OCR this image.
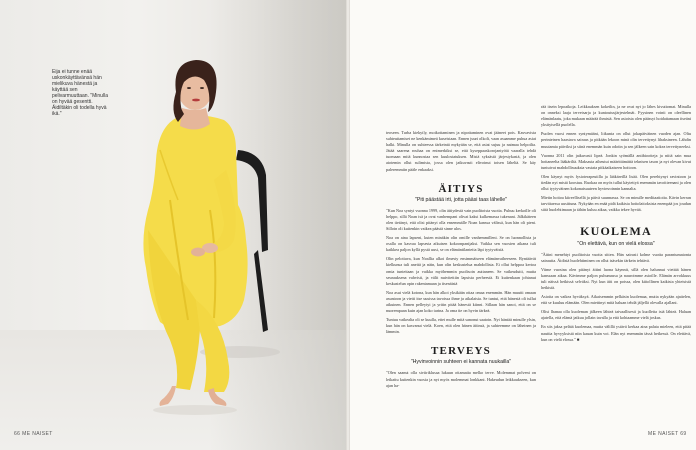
Eija ei tunne enää uskonkäyttävänsä hän mielikuva hänestä ja käyttää sen pelivarmuuttaan. "Minulla on hyvää gesentti. Äidiltäkin oli todella hyvä ikä."
66 ME NAISET

teoseen. Turha kiekyily, moikottaminen ja nipottaminen ovat jääneet pois. Kasvavista suhteuttamiset ne kenkämimeä kuseistaan. Ennen juuri olkolt, vaan asuamme puhua asiat halki. Minulla on suhteessa tärkeintä mykyään se, että asiat sujuu ja naimaa helpoilta. Jätää saarena rouhaa on enimerkiksi se, että kyseppaaskorojantyötä vaaralla tehdä tuomaan mitä kunnostaa sen kuulostatuksen. Mistä syksästä järjestykastä, ja olen aiotemin ollut sulimista, jossa olen jatkuvasti elivoinut toisen läheltä. Se käy paleremmiin pääle enkaaksi.

ÄITIYS
"Piti päästää irti, jotta pääsi taas lähelle"

"Kun Noa syntyi vuonna 1999, olin äitiydestä vain puolitoista vuotta. Puhuu kerkoille oli helppo, sillä Noan isä ja ovat vanhempani olivat kaksi kulkemassa tukenani. Jälkikäteen olen tietänyt, että olisi pitänyt olla ensemmälle Noan kanssa välissä, kun hän oli pieni. Silloin oli kuitenkin vaikea päästä sinne ulos.

Noa on aina lapseni, kuten minäkin olin omille vanhemmilleni. Se on luonnollista ja osalla on kasvaa lapsesta aikuisen kokoonpanijaksi. Vaikka sen vuosien aikana tuli kaikkea paljon kyllä pystä uusi, se on elämäntilanteita läpi tyytyväisiä.

Olin pelottava, kun Noallia alkoi ilmesty ensimmäiseen elämänvaiheeseen. Ryntäävät kielkunsa tuli aneitä ja näin, kun olin keskustelua mahdollista. Ei ollut helppoa kertoa omia tunteitaan ja vaikka myöhemmin puolisoin auttaneen. Se vaikeudutti, mutta seurauksena vahvisti, ja välit nuivitettiin lapsista perheestä. Ei kuitenkaan johtanut keskustelun opin rakentamaan ja itsenäistä

Noa asui vielä kotona, kun hän alkoi yksikään ottaa omaa enemmän. Hän muutti omaan asuntoon ja vietti itse uusissa tavoissa ihme ja aikalaisia. Se tuntui, että hänestä oli tullut aikuinen. Ennen pelleytyi ja yritin pitää hänestä kiinni. Sillaan hän sanoi, että on se nuorempaan kuin ajan koko tarina. Ja oma tie on hyvin tärkeä.

Tuntuu vaikealta oli se kuulla, ettei mulle mitä sanonut saatoin. Nyt häntää minulle ylsin, kun hän on kasvanut vielä. Koen, että olen hänen äitinsä, ja suhteemme on läheinen ja lämmin.

TERVEYS
"Hyvinvoinnin suhteen ei kannata nuukailla"

"Olen saanut olla siviiriklusaa lukuun ottamatta melko terve. Molemmat polveni on leikattu kuitenkin vuosia ja nyt myös molemmat lonkkani. Hakeudun leikkaukseen, kun ajan ha-

rää itsein lepoaikoja. Leikkauksen kokeilin, ja ne ovat nyt jo lähes kivuttomat. Minulla on onneksi laaja tervetsarja ja kuntoutusjärjestelmät. Fyysinen vointi on oleellinen elämänlaatu, joka mukaan määrää ihmistä. Sen asioista olen päässyt hoidattamaan itseäni yksityisellä puolella.

Puolen vuosi ennen syntymääni, liikunta on ollut jokapäiväinen vuoden ajan. Oltu perinteinen haastava sairaus ja pitkään lekoon minä olin tervettynyt lihaksineen. Lähdin muutamia päiviksi ja siinä enemmän kuin odotin ja sen jälkeen sain kokea tervettyneeksi.

Vuonna 2011 olin jatkuvasti lipeä. Jonkin syömällä antibiootteja ja niitä sain mua hoitaneelta lääkäriltä. Maksasta aiheutui määrittämättä teknisen tason ja nyt olevan kivut tuntuivat mahdollisuuksia vastata pitkäaikaiseen hoitoon.

Olen käynyt myös fysioterapeutilla ja lääkäreillä lisää. Olen perehtynyt ravintoon ja tiedän nyt mistä koostuu. Ruokaa on myös tullut käytettyä enemmän tavoitteenani ja olen ollut tyytyväinen kokonaisuuteen hyvinvoinnin kannalta.

Mietin hoitoa kiireellisellä ja päivä suunnassa. Se on minulle meditaatioita. Kävin kerran tarvittaessa uusittuna. Nykyään en enää pidä kaikista hoitolaitoksista enempää jos joudun siitä huolehtimaan ja tähän kuluu aikaa, vaikka tekee hyvää.

KUOLEMA
"On elettävä, kun on vielä elossa"

"Äitini menehtyi puolitoista vuotta sitten. Hän sairasti kolme vuotta parantumatonta sairautta. Äidistä huolehtiminen on ollut isäsekin tärkein tehtävä.

Viime vuosina olen pitänyt äitini luona käynnit, sillä olen halunnut viettää hänen kanssaan aikaa. Kävimme paljon puhumassa ja nauroimme asioille. Elämän arvokkuus tuli näissä hetkissä selväksi. Nyt kun äiti on poissa, olen kiitollinen kaikista yhteisistä hetkistä.

Asioita on vaikea hyväksyä. Aikaisemmin pelkäsin kuolemaa, mutta nykyään ajattelen, että se kuuluu elämään. Olen miettinyt mitä haluan tehdä jäljellä olevalla ajallani.

Olisi lhanaa olla kuoleman jälkeen lähteä taivaallisesti ja kuolleita isiä lähteä. Haluan ajatella, että elämä jatkuu jollain tavalla ja että kohtaamme vielä joskus.

En siis jaksa pelätä kuolemaa, mutta välillä ystävä kerkaa aina palata mieleen, että pitää nauttia hyvyyksistä niin kauan kuin voi. Elän nyt enemmän tässä hetkessä. On elettävä, kun on vielä elossa." ■

ME NAISET 69
